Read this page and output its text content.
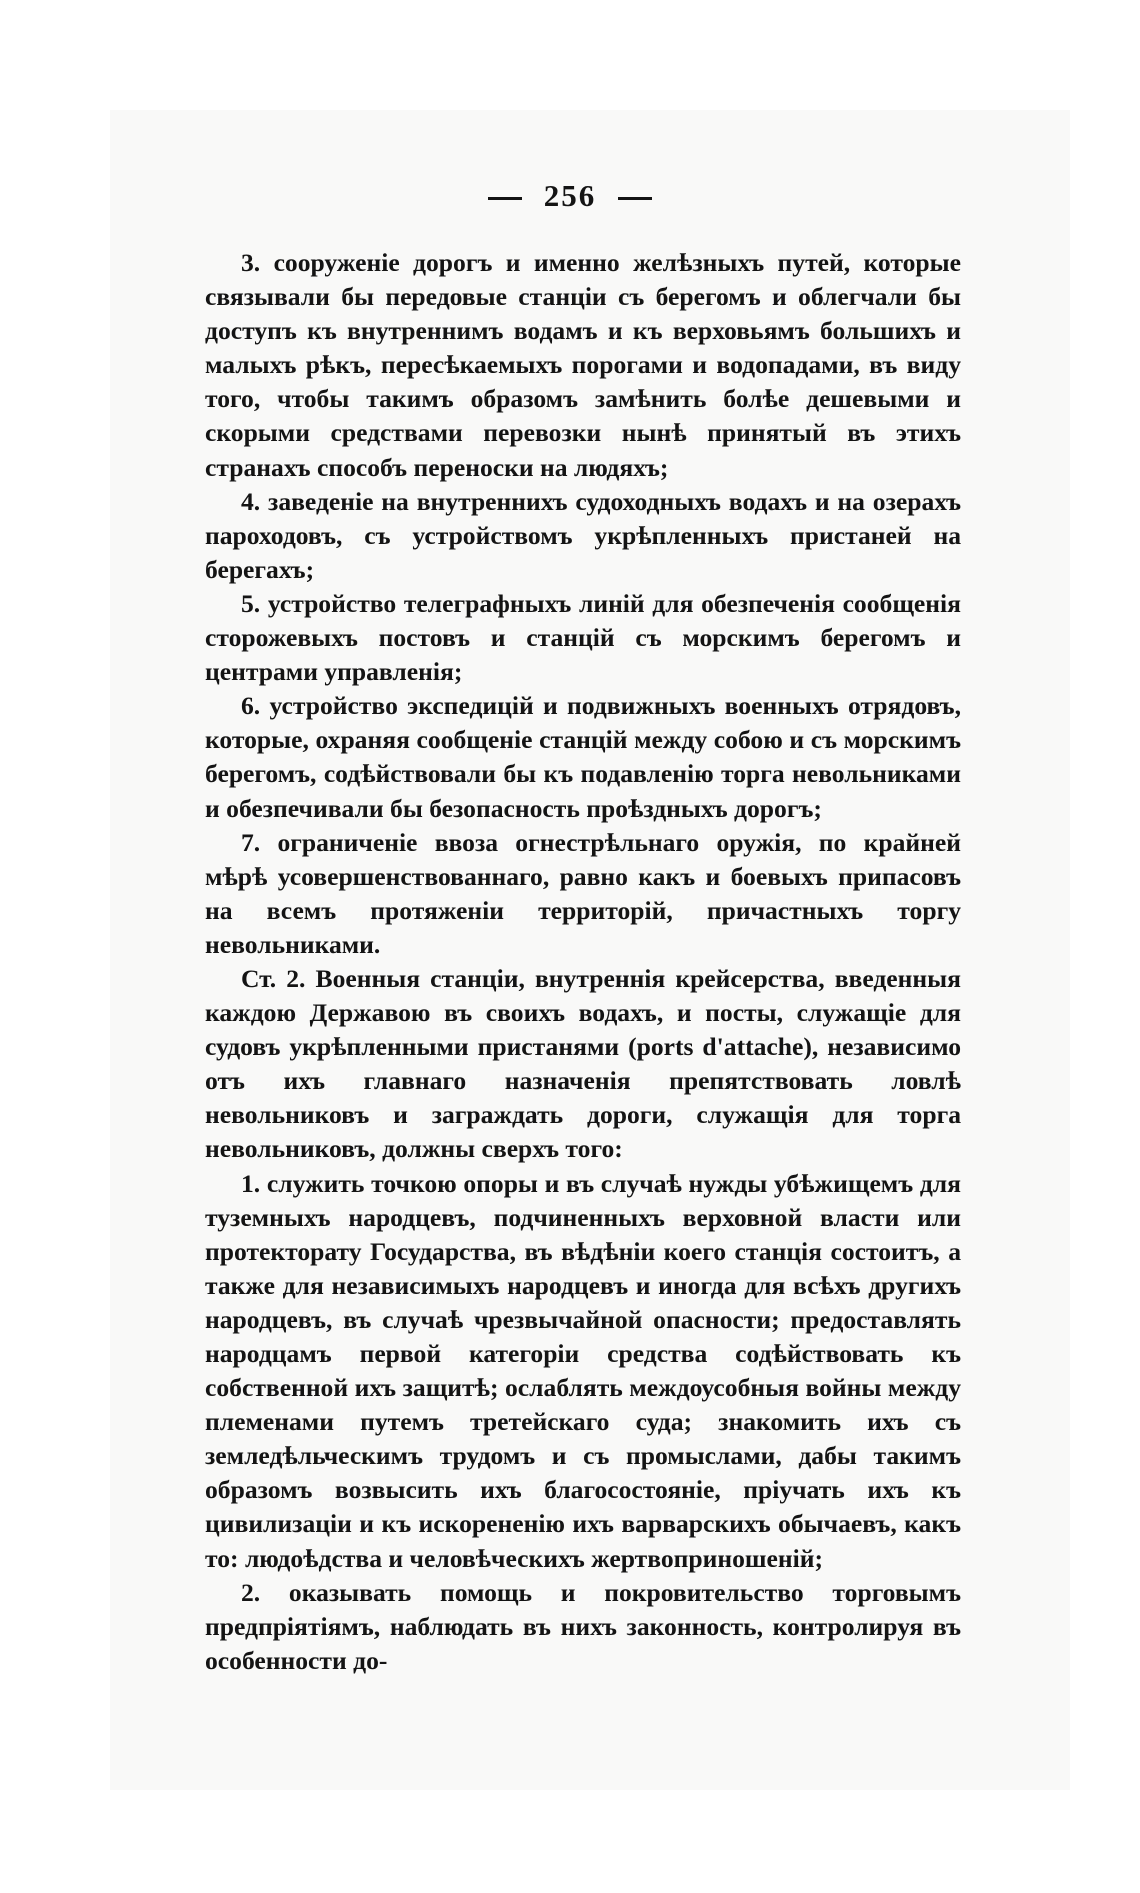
256

3. сооруженіе дорогъ и именно желѣзныхъ путей, которые связывали бы передовые станціи съ берегомъ и облегчали бы доступъ къ внутреннимъ водамъ и къ верховьямъ большихъ и малыхъ рѣкъ, пересѣкаемыхъ порогами и водопадами, въ виду того, чтобы такимъ образомъ замѣнить болѣе дешевыми и скорыми средствами перевозки нынѣ принятый въ этихъ странахъ способъ переноски на людяхъ;

4. заведеніе на внутреннихъ судоходныхъ водахъ и на озерахъ пароходовъ, съ устройствомъ укрѣпленныхъ пристаней на берегахъ;

5. устройство телеграфныхъ линій для обезпеченія сообщенія сторожевыхъ постовъ и станцій съ морскимъ берегомъ и центрами управленія;

6. устройство экспедицій и подвижныхъ военныхъ отрядовъ, которые, охраняя сообщеніе станцій между собою и съ морскимъ берегомъ, содѣйствовали бы къ подавленію торга невольниками и обезпечивали бы безопасность проѣздныхъ дорогъ;

7. ограниченіе ввоза огнестрѣльнаго оружія, по крайней мѣрѣ усовершенствованнаго, равно какъ и боевыхъ припасовъ на всемъ протяженіи территорій, причастныхъ торгу невольниками.

Ст. 2. Военныя станціи, внутреннія крейсерства, введенныя каждою Державою въ своихъ водахъ, и посты, служащіе для судовъ укрѣпленными пристанями (ports d'attache), независимо отъ ихъ главнаго назначенія препятствовать ловлѣ невольниковъ и заграждать дороги, служащія для торга невольниковъ, должны сверхъ того:

1. служить точкою опоры и въ случаѣ нужды убѣжищемъ для туземныхъ народцевъ, подчиненныхъ верховной власти или протекторату Государства, въ вѣдѣніи коего станція состоитъ, а также для независимыхъ народцевъ и иногда для всѣхъ другихъ народцевъ, въ случаѣ чрезвычайной опасности; предоставлять народцамъ первой категоріи средства содѣйствовать къ собственной ихъ защитѣ; ослаблять междоусобныя войны между племенами путемъ третейскаго суда; знакомить ихъ съ земледѣльческимъ трудомъ и съ промыслами, дабы такимъ образомъ возвысить ихъ благосостояніе, пріучать ихъ къ цивилизаціи и къ искорененію ихъ варварскихъ обычаевъ, какъ то: людоѣдства и человѣческихъ жертвоприношеній;

2. оказывать помощь и покровительство торговымъ предпріятіямъ, наблюдать въ нихъ законность, контролируя въ особенности до-
